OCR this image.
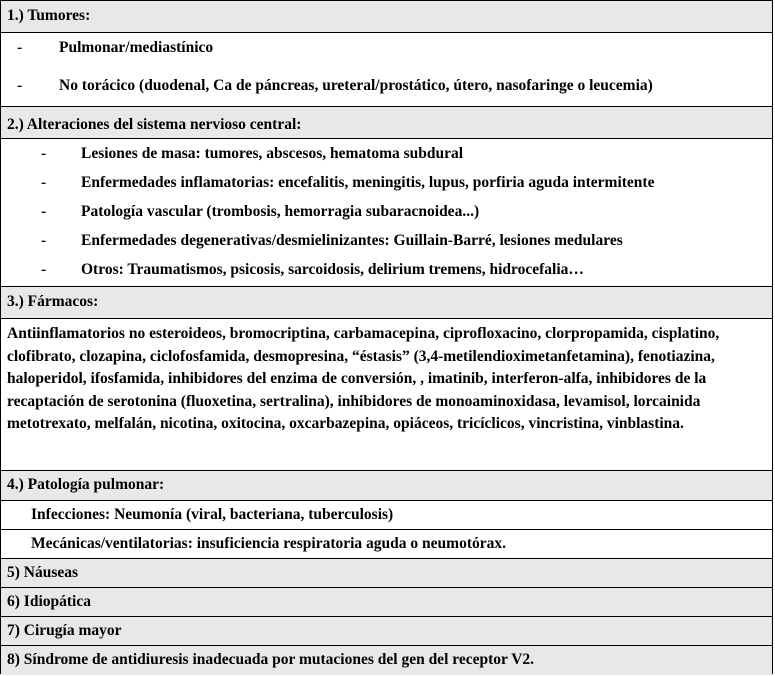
1.) Tumores:
- Pulmonar/mediastínico
- No torácico (duodenal, Ca de páncreas, ureteral/prostático, útero, nasofaringe o leucemia)
2.) Alteraciones del sistema nervioso central:
- Lesiones de masa: tumores, abscesos, hematoma subdural
- Enfermedades inflamatorias: encefalitis, meningitis, lupus, porfiria aguda intermitente
- Patología vascular (trombosis, hemorragia subaracnoidea...)
- Enfermedades degenerativas/desmielinizantes: Guillain-Barré, lesiones medulares
- Otros: Traumatismos, psicosis, sarcoidosis, delirium tremens, hidrocefalia…
3.) Fármacos:
Antiinflamatorios no esteroideos, bromocriptina, carbamacepina, ciprofloxacino, clorpropamida, cisplatino, clofibrato, clozapina, ciclofosfamida, desmopresina, “éstasis” (3,4-metilendioximetanfetamina), fenotiazina, haloperidol, ifosfamida, inhibidores del enzima de conversión, , imatinib, interferon-alfa, inhibidores de la recaptación de serotonina (fluoxetina, sertralina), inhibidores de monoaminoxidasa, levamisol, lorcainida metotrexato, melfalán, nicotina, oxitocina, oxcarbazepina, opiáceos, tricíclicos, vincristina, vinblastina.
4.) Patología pulmonar:
Infecciones: Neumonía (viral, bacteriana, tuberculosis)
Mecánicas/ventilatorias: insuficiencia respiratoria aguda o neumotórax.
5) Náuseas
6) Idiopática
7) Cirugía mayor
8) Síndrome de antidiuresis inadecuada por mutaciones del gen del receptor V2.
